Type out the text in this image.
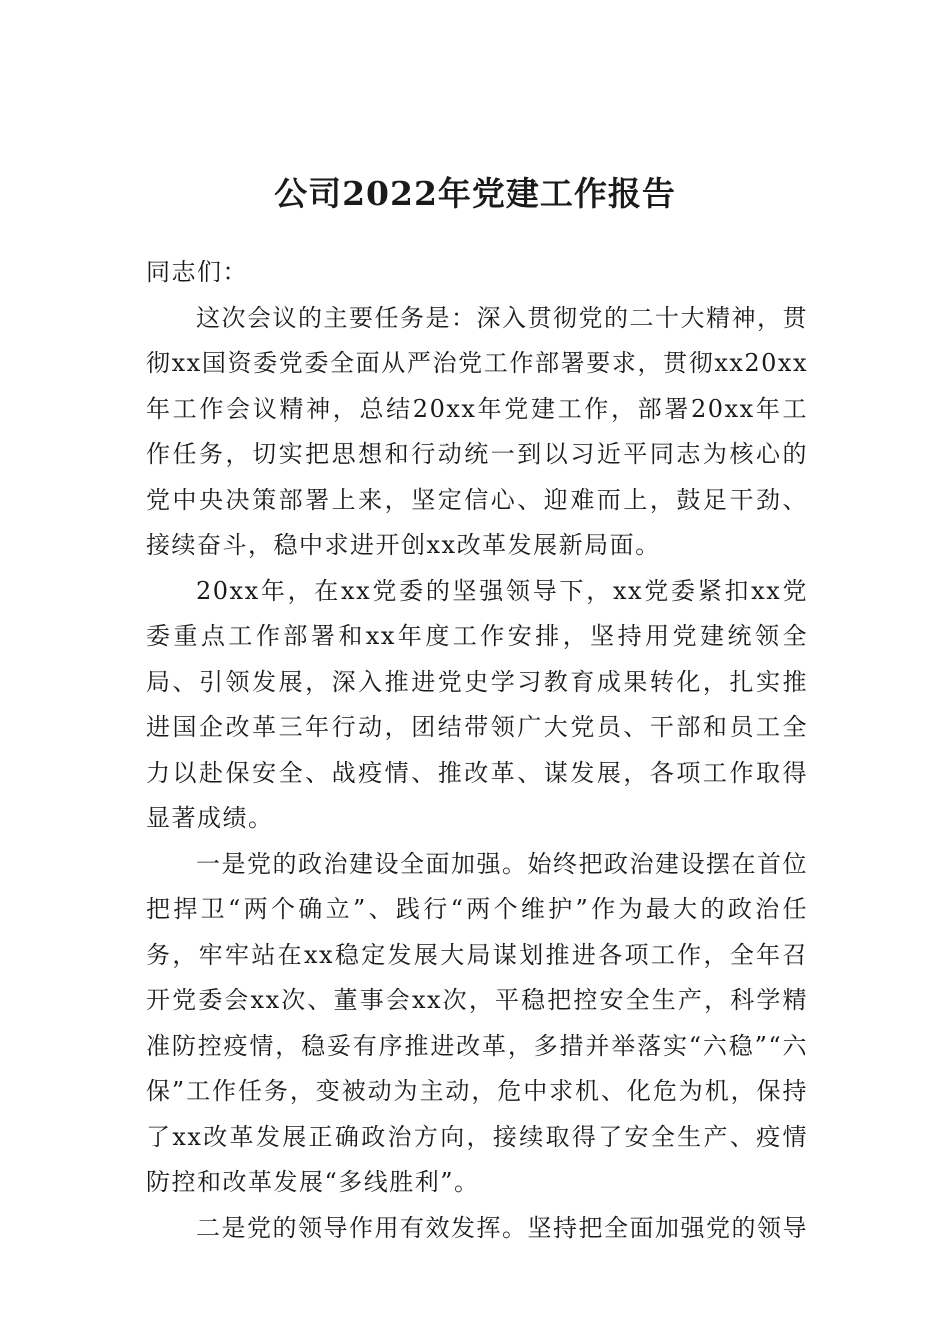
公司2022年党建工作报告

同志们：

这次会议的主要任务是：深入贯彻党的二十大精神，贯彻xx国资委党委全面从严治党工作部署要求，贯彻xx20xx年工作会议精神，总结20xx年党建工作，部署20xx年工作任务，切实把思想和行动统一到以习近平同志为核心的党中央决策部署上来，坚定信心、迎难而上，鼓足干劲、接续奋斗，稳中求进开创xx改革发展新局面。

20xx年，在xx党委的坚强领导下，xx党委紧扣xx党委重点工作部署和xx年度工作安排，坚持用党建统领全局、引领发展，深入推进党史学习教育成果转化，扎实推进国企改革三年行动，团结带领广大党员、干部和员工全力以赴保安全、战疫情、推改革、谋发展，各项工作取得显著成绩。

一是党的政治建设全面加强。始终把政治建设摆在首位把捍卫“两个确立”、践行“两个维护”作为最大的政治任务，牢牢站在xx稳定发展大局谋划推进各项工作，全年召开党委会xx次、董事会xx次，平稳把控安全生产，科学精准防控疫情，稳妥有序推进改革，多措并举落实“六稳”“六保”工作任务，变被动为主动，危中求机、化危为机，保持了xx改革发展正确政治方向，接续取得了安全生产、疫情防控和改革发展“多线胜利”。

二是党的领导作用有效发挥。坚持把全面加强党的领导
